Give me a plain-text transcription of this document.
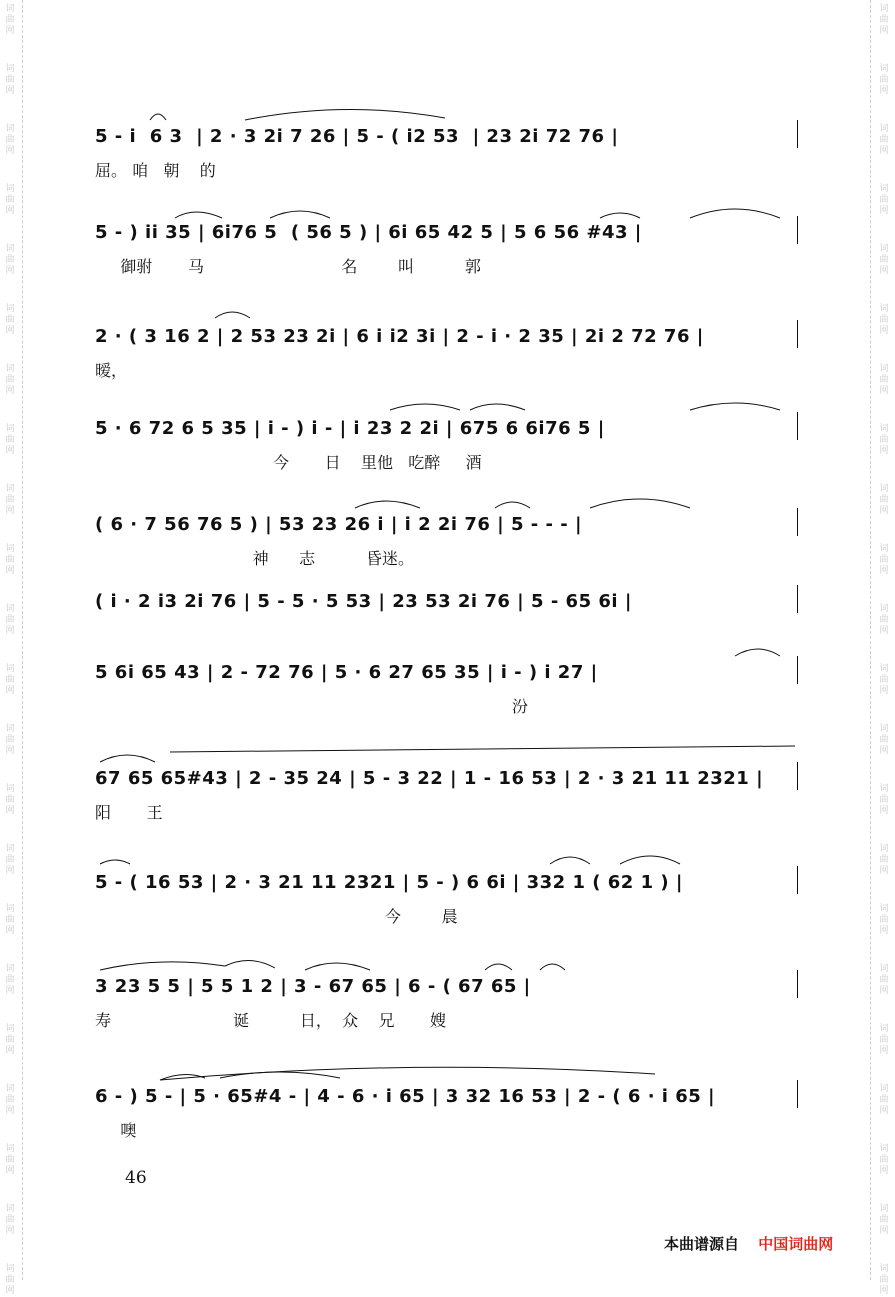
词
曲
网
词
曲
网
词
曲
网
词
曲
网
词
曲
网
词
曲
网
词
曲
网
词
曲
网
词
曲
网
词
曲
网
词
曲
网
词
曲
网
词
曲
网
词
曲
网
词
曲
网
词
曲
网
词
曲
网
词
曲
网
词
曲
网
词
曲
网
词
曲
网
词
曲
网
词
曲
网
词
曲
网
词
曲
网
词
曲
网
词
曲
网
词
曲
网
词
曲
网
词
曲
网
词
曲
网
词
曲
网
词
曲
网
词
曲
网
词
曲
网
词
曲
网
词
曲
网
词
曲
网
词
曲
网
词
曲
网
词
曲
网
词
曲
网
词
曲
网
词
曲
网
5 - i  6 3  | 2 · 3 2i 7 26 | 5 - ( i2 53  | 23 2i 72 76 |
屈。 咱   朝    的
5 - ) ii 35 | 6i76 5  ( 56 5 ) | 6i 65 42 5 | 5 6 56 #43 |
御驸       马                           名        叫          郭
2 · ( 3 16 2 | 2 53 23 2i | 6 i i2 3i | 2 - i · 2 35 | 2i 2 72 76 |
暧，
5 · 6 72 6 5 35 | i - ) i - | i 23 2 2i | 675 6 6i76 5 |
今       日    里他   吃醉     酒
( 6 · 7 56 76 5 ) | 53 23 26 i | i 2 2i 76 | 5 - - - |
神      志          昏迷。
( i · 2 i3 2i 76 | 5 - 5 · 5 53 | 23 53 2i 76 | 5 - 65 6i |
5 6i 65 43 | 2 - 72 76 | 5 · 6 27 65 35 | i - ) i 27 |
汾
67 65 65#43 | 2 - 35 24 | 5 - 3 22 | 1 - 16 53 | 2 · 3 21 11 2321 |
阳       王
5 - ( 16 53 | 2 · 3 21 11 2321 | 5 - ) 6 6i | 332 1 ( 62 1 ) |
今        晨
3 23 5 5 | 5 5 1 2 | 3 - 67 65 | 6 - ( 67 65 |
寿                        诞          日，  众    兄       嫂
6 - ) 5 - | 5 · 65#4 - | 4 - 6 · i 65 | 3 32 16 53 | 2 - ( 6 · i 65 |
噢
46
本曲谱源自 中国词曲网
